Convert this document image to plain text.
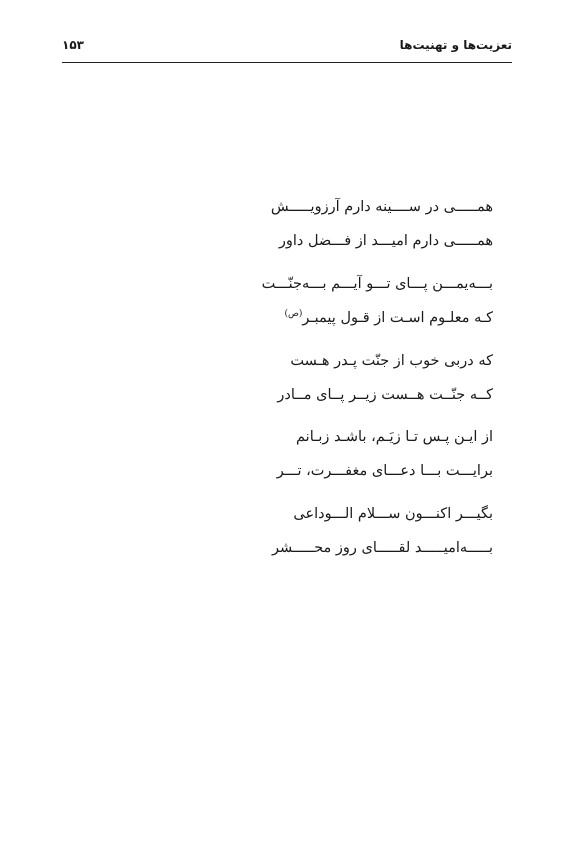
۱۵۳	تعزیت‌ها و تهنیت‌ها
همـــــی در ســــینه دارم آرزویـــــش
همـــــی دارم امیـــد از فـــضل داور
بـــه‌یمـــن پـــای تـــو آیـــم بـــه‌جنّـــت
کـه معلـوم اسـت از قـول پیمبـر$^{(ص)}$
که دربی خوب از جنّت پـدر هـست
کــه جنّــت هــست زیــر پــای مــادر
از ایـن پـس تـا زیَـم، باشـد زبـانم
برایـــت بـــا دعـــای مغفـــرت، تـــر
بگیـــر اکنـــون ســـلام الـــوداعی
بـــــه‌امیـــــد لقـــــای روز محـــــشر
